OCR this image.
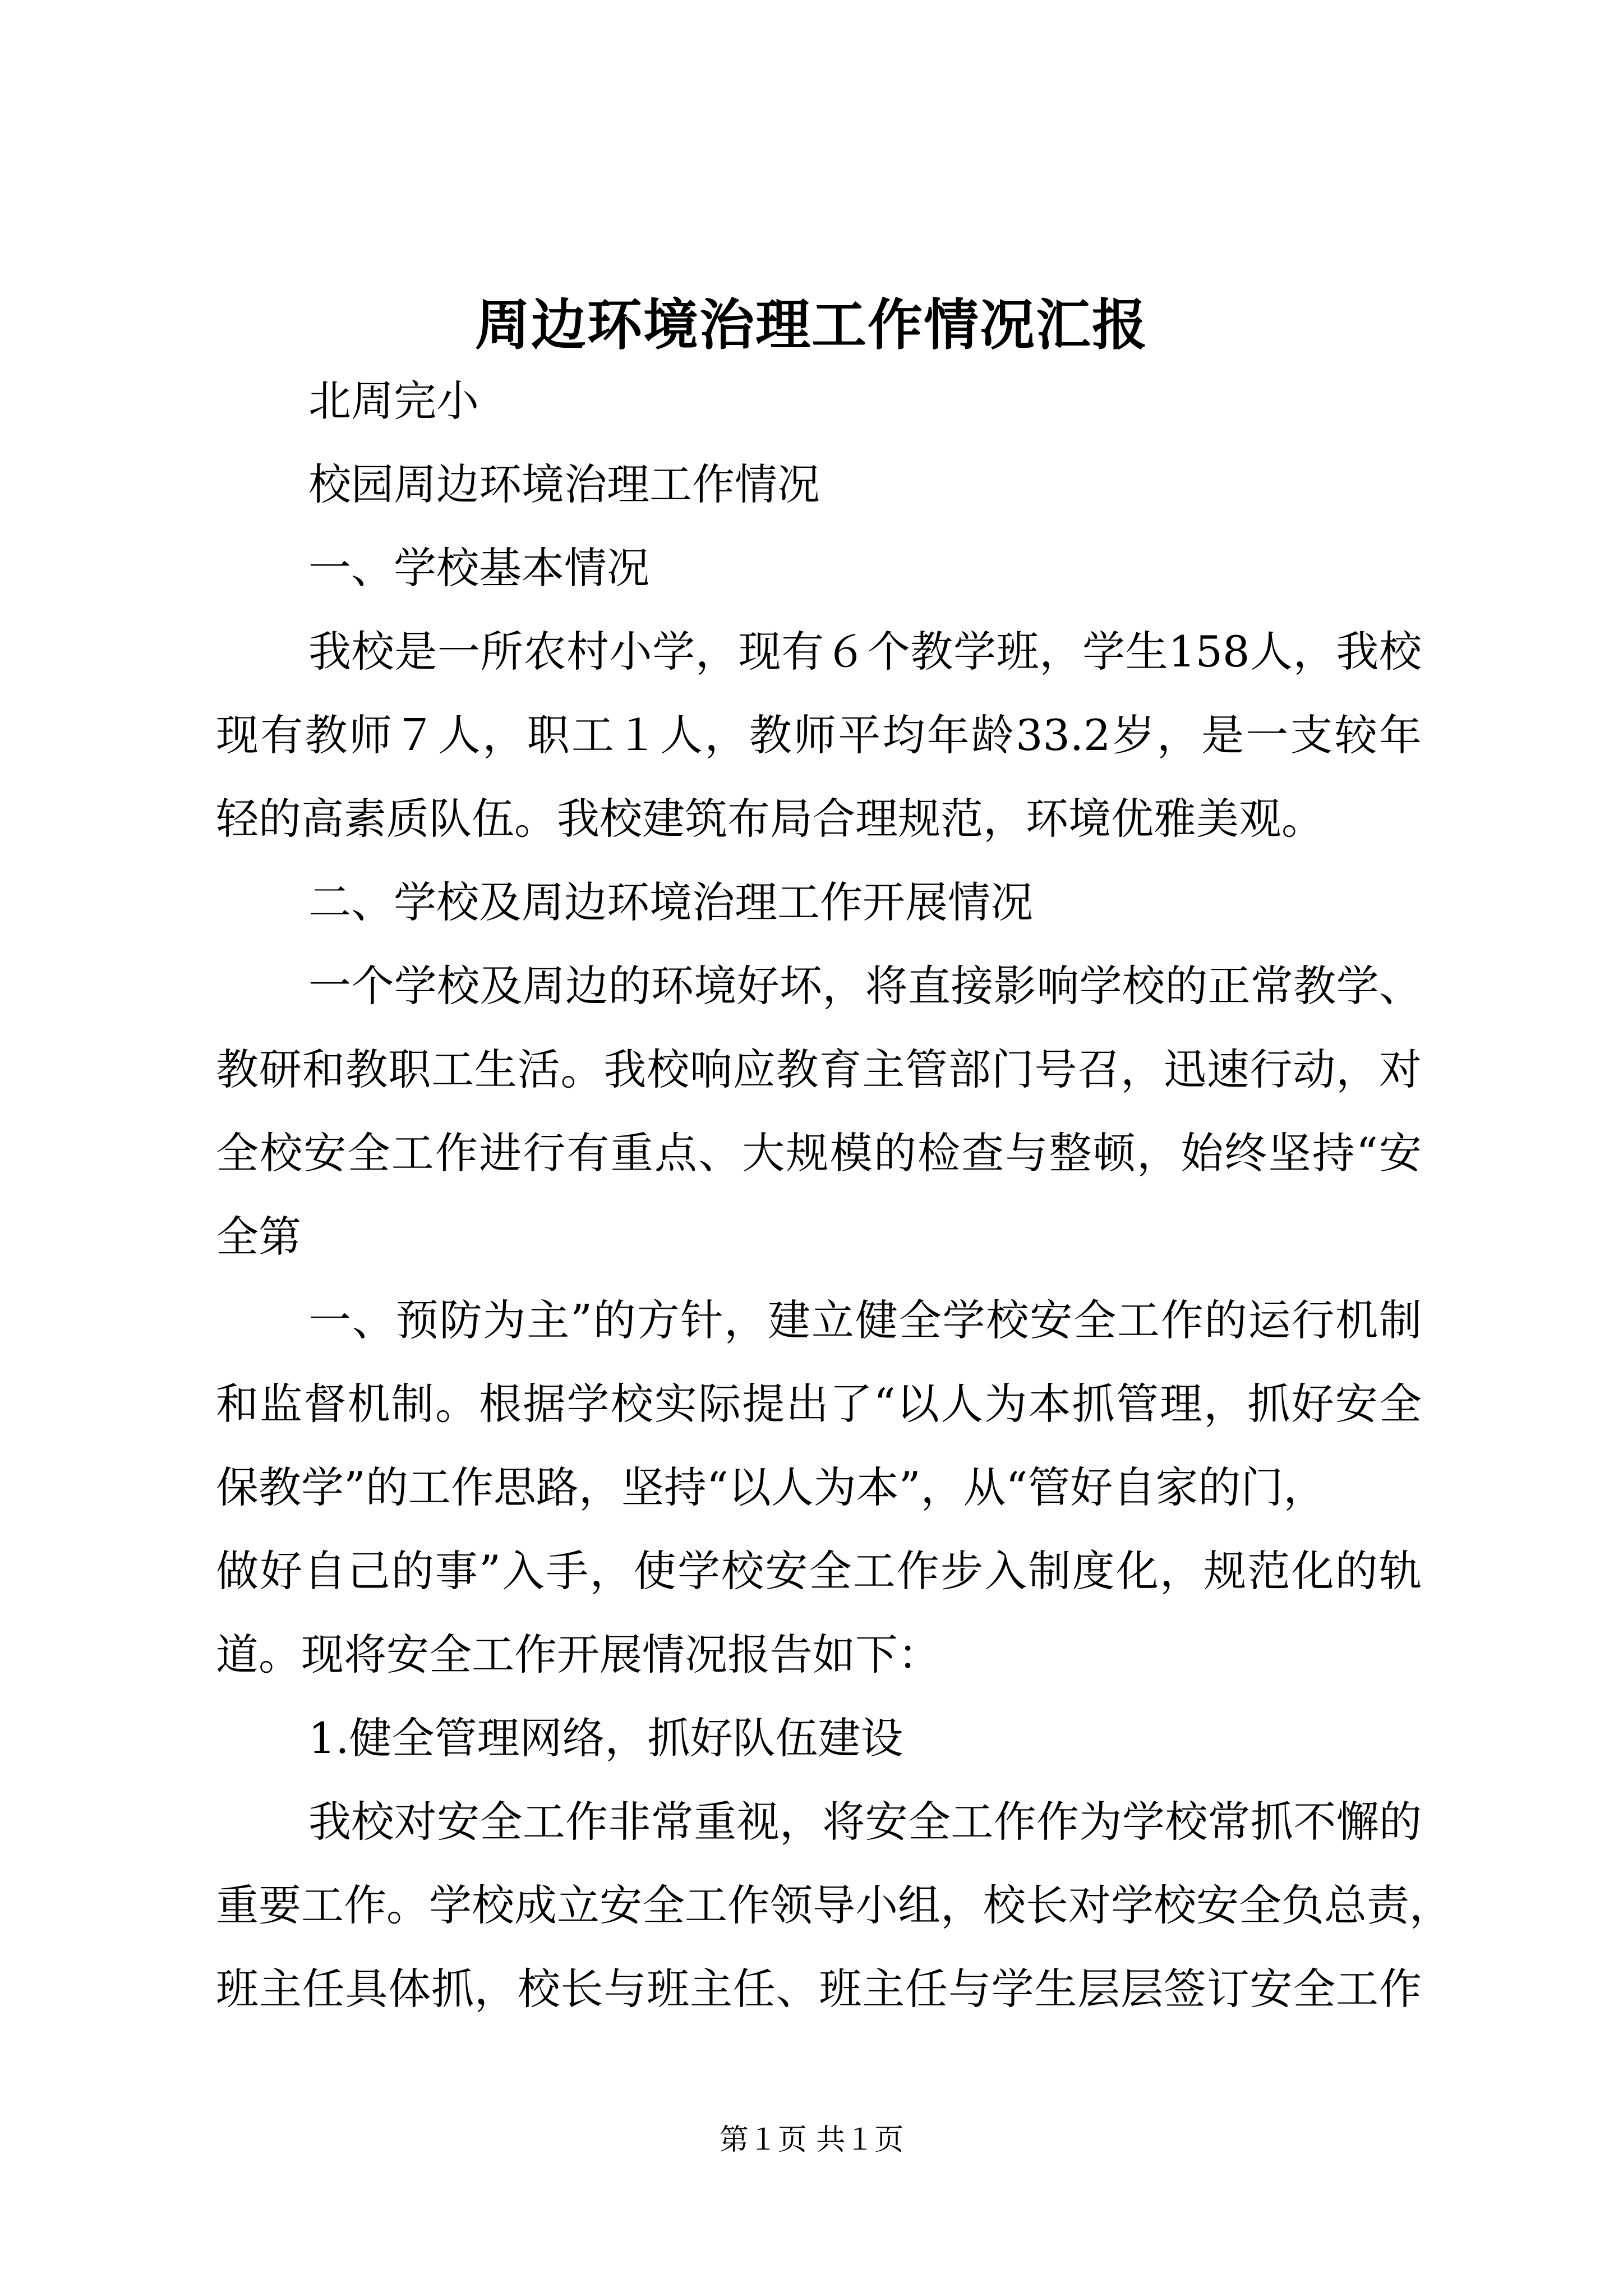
周边环境治理工作情况汇报
北周完小
校园周边环境治理工作情况
一、学校基本情况
我校是一所农村小学，现有６个教学班，学生158人，我校
现有教师７人，职工１人，教师平均年龄33.2岁，是一支较年
轻的高素质队伍。我校建筑布局合理规范，环境优雅美观。
二、学校及周边环境治理工作开展情况
一个学校及周边的环境好坏，将直接影响学校的正常教学、
教研和教职工生活。我校响应教育主管部门号召，迅速行动，对
全校安全工作进行有重点、大规模的检查与整顿，始终坚持“安
全第
一、预防为主”的方针，建立健全学校安全工作的运行机制
和监督机制。根据学校实际提出了“以人为本抓管理，抓好安全
保教学”的工作思路，坚持“以人为本”，从“管好自家的门，
做好自己的事”入手，使学校安全工作步入制度化，规范化的轨
道。现将安全工作开展情况报告如下：
1.健全管理网络，抓好队伍建设
我校对安全工作非常重视，将安全工作作为学校常抓不懈的
重要工作。学校成立安全工作领导小组，校长对学校安全负总责，
班主任具体抓，校长与班主任、班主任与学生层层签订安全工作
第１页 共１页
